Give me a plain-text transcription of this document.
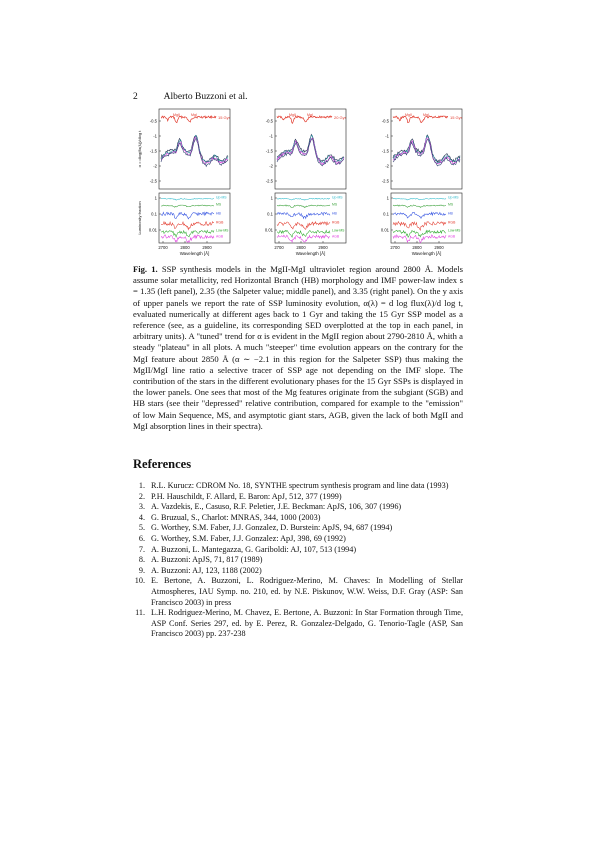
2	Alberto Buzzoni et al.
-0.5
-1
-1.5
-2
-2.5
1
0.1
0.01
2700	2800	2900
Wavelength [Å]
α = dlog(flx(λ))/dlog t
Luminosity fraction
15 Gyr
MgII	MgI
Up-MS
MS
HB
RGB
Low-MS
AGB
-0.5
-1
-1.5
-2
-2.5
1
0.1
0.01
2700	2800	2900
Wavelength [Å]
20 Gyr
MgII	MgI
Up-MS
MS
HB
RGB
Low-MS
AGB
-0.5
-1
-1.5
-2
-2.5
1
0.1
0.01
2700	2800	2900
Wavelength [Å]
15 Gyr
MgII	MgI
Up-MS
MS
HB
RGB
Low-MS
AGB
Fig. 1. SSP synthesis models in the MgII-MgI ultraviolet region around 2800 Å. Models assume solar metallicity, red Horizontal Branch (HB) morphology and IMF power-law index s = 1.35 (left panel), 2.35 (the Salpeter value; middle panel), and 3.35 (right panel). On the y axis of upper panels we report the rate of SSP luminosity evolution, α(λ) = d log flux(λ)/d log t, evaluated numerically at different ages back to 1 Gyr and taking the 15 Gyr SSP model as a reference (see, as a guideline, its corresponding SED overplotted at the top in each panel, in arbitrary units). A "tuned" trend for α is evident in the MgII region about 2790-2810 Å, whith a steady "plateau" in all plots. A much "steeper" time evolution appears on the contrary for the MgI feature about 2850 Å (α ∼ −2.1 in this region for the Salpeter SSP) thus making the MgII/MgI line ratio a selective tracer of SSP age not depending on the IMF slope. The contribution of the stars in the different evolutionary phases for the 15 Gyr SSPs is displayed in the lower panels. One sees that most of the Mg features originate from the subgiant (SGB) and HB stars (see their "depressed" relative contribution, compared for example to the "emission" of low Main Sequence, MS, and asymptotic giant stars, AGB, given the lack of both MgII and MgI absorption lines in their spectra).
References
1. R.L. Kurucz: CDROM No. 18, SYNTHE spectrum synthesis program and line data (1993)
2. P.H. Hauschildt, F. Allard, E. Baron: ApJ, 512, 377 (1999)
3. A. Vazdekis, E., Casuso, R.F. Peletier, J.E. Beckman: ApJS, 106, 307 (1996)
4. G. Bruzual, S., Charlot: MNRAS, 344, 1000 (2003)
5. G. Worthey, S.M. Faber, J.J. Gonzalez, D. Burstein: ApJS, 94, 687 (1994)
6. G. Worthey, S.M. Faber, J.J. Gonzalez: ApJ, 398, 69 (1992)
7. A. Buzzoni, L. Mantegazza, G. Gariboldi: AJ, 107, 513 (1994)
8. A. Buzzoni: ApJS, 71, 817 (1989)
9. A. Buzzoni: AJ, 123, 1188 (2002)
10. E. Bertone, A. Buzzoni, L. Rodriguez-Merino, M. Chaves: In Modelling of Stellar Atmospheres, IAU Symp. no. 210, ed. by N.E. Piskunov, W.W. Weiss, D.F. Gray (ASP: San Francisco 2003) in press
11. L.H. Rodriguez-Merino, M. Chavez, E. Bertone, A. Buzzoni: In Star Formation through Time, ASP Conf. Series 297, ed. by E. Perez, R. Gonzalez-Delgado, G. Tenorio-Tagle (ASP, San Francisco 2003) pp. 237-238
